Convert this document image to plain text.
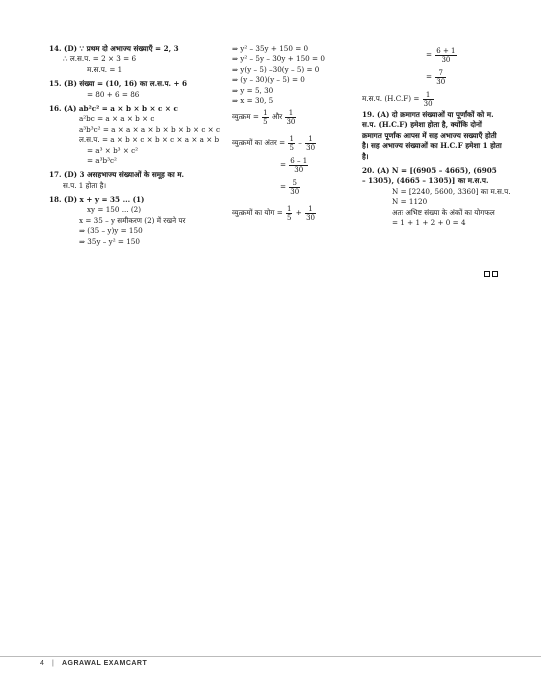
14. (D) ∵ प्रथम दो अभाज्य संख्याएँ = 2, 3
∴ ल.स.प. = 2 × 3 = 6
म.स.प. = 1
15. (B) संख्या = (10, 16) का ल.स.प. + 6
= 80 + 6 = 86
16. (A) ab²c² = a × b × b × c × c
a²bc = a × a × b × c
a³b³c² = a × a × a × b × b × b × c × c
ल.स.प. = a × b × c × b × c × a × a × b
= a³ × b³ × c²
= a³b³c²
17. (D) 3 असहभाज्य संख्याओं के समूह का म.
स.प. 1 होता है।
18. (D) x + y = 35 ... (1)
xy = 150 ... (2)
x = 35 – y समीकरण (2) में रखने पर
⇒ (35 – y)y = 150
⇒ 35y – y² = 150
⇒ y² – 35y + 150 = 0
⇒ y² – 5y – 30y + 150 = 0
⇒ y(y – 5) –30(y – 5) = 0
⇒ (y – 30)(y – 5) = 0
⇒ y = 5, 30
⇒ x = 30, 5
व्युत्क्रम = $\frac{1}{5}$ और $\frac{1}{30}$
व्युत्क्रमों का अंतर = $\frac{1}{5} - \frac{1}{30}$
= $\frac{6 - 1}{30}$
= $\frac{5}{30}$
व्युत्क्रमों का योग = $\frac{1}{5} + \frac{1}{30}$
= $\frac{6 + 1}{30}$
= $\frac{7}{30}$
म.स.प. $(H.C.F) = \frac{1}{30}$
19. (A) दो क्रमागत संख्याओं या पूर्णांकों को म. स.प. (H.C.F) हमेशा होता है, क्योंकि दोनों क्रमागत पूर्णांक आपस में सह अभाज्य सख्याएँ होती है। सह अभाज्य संख्याओं का H.C.F हमेशा 1 होता है।
20. (A) N = [(6905 – 4665), (6905 – 1305), (4665 – 1305)] का म.स.प.
N = [2240, 5600, 3360] का म.स.प.
N = 1120
अतः अभिष्ट संख्या के अंकों का योगफल
= 1 + 1 + 2 + 0 = 4
4 | AGRAWAL EXAMCART
